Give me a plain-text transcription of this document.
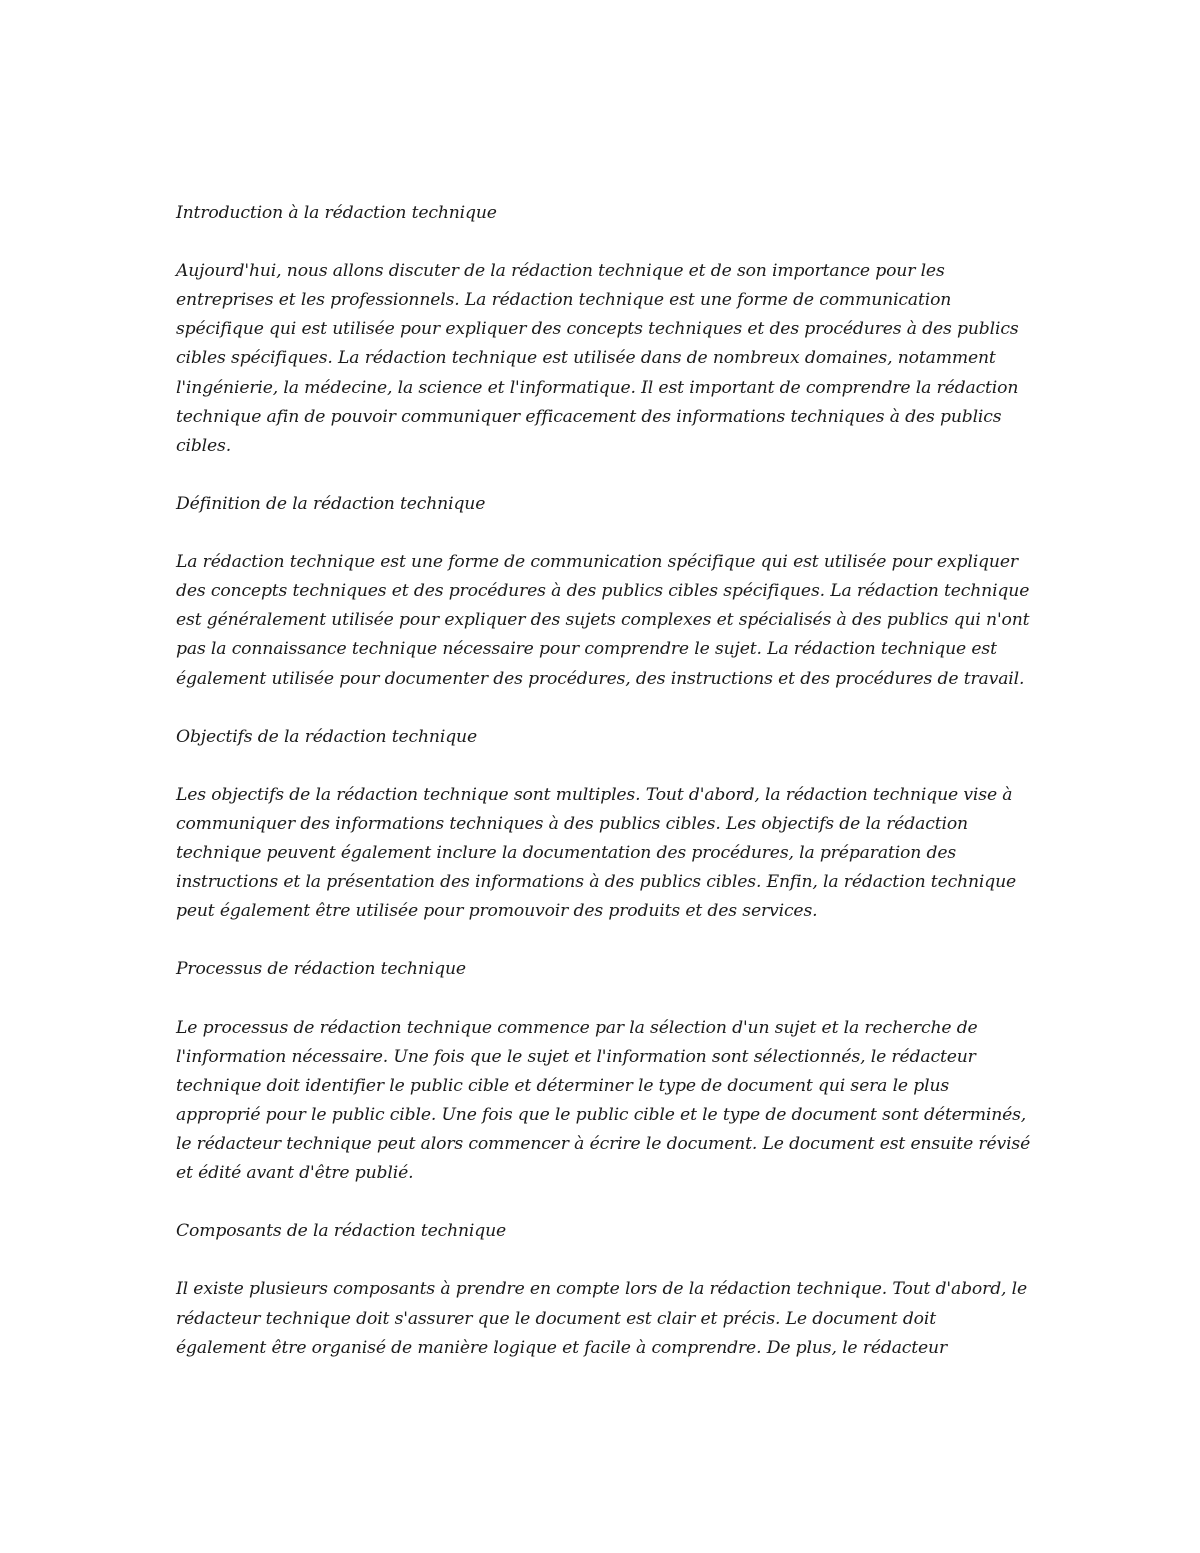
Introduction à la rédaction technique

Aujourd'hui, nous allons discuter de la rédaction technique et de son importance pour les entreprises et les professionnels. La rédaction technique est une forme de communication spécifique qui est utilisée pour expliquer des concepts techniques et des procédures à des publics cibles spécifiques. La rédaction technique est utilisée dans de nombreux domaines, notamment l'ingénierie, la médecine, la science et l'informatique. Il est important de comprendre la rédaction technique afin de pouvoir communiquer efficacement des informations techniques à des publics cibles.

Définition de la rédaction technique

La rédaction technique est une forme de communication spécifique qui est utilisée pour expliquer des concepts techniques et des procédures à des publics cibles spécifiques. La rédaction technique est généralement utilisée pour expliquer des sujets complexes et spécialisés à des publics qui n'ont pas la connaissance technique nécessaire pour comprendre le sujet. La rédaction technique est également utilisée pour documenter des procédures, des instructions et des procédures de travail.

Objectifs de la rédaction technique

Les objectifs de la rédaction technique sont multiples. Tout d'abord, la rédaction technique vise à communiquer des informations techniques à des publics cibles. Les objectifs de la rédaction technique peuvent également inclure la documentation des procédures, la préparation des instructions et la présentation des informations à des publics cibles. Enfin, la rédaction technique peut également être utilisée pour promouvoir des produits et des services.

Processus de rédaction technique

Le processus de rédaction technique commence par la sélection d'un sujet et la recherche de l'information nécessaire. Une fois que le sujet et l'information sont sélectionnés, le rédacteur technique doit identifier le public cible et déterminer le type de document qui sera le plus approprié pour le public cible. Une fois que le public cible et le type de document sont déterminés, le rédacteur technique peut alors commencer à écrire le document. Le document est ensuite révisé et édité avant d'être publié.

Composants de la rédaction technique

Il existe plusieurs composants à prendre en compte lors de la rédaction technique. Tout d'abord, le rédacteur technique doit s'assurer que le document est clair et précis. Le document doit également être organisé de manière logique et facile à comprendre. De plus, le rédacteur
